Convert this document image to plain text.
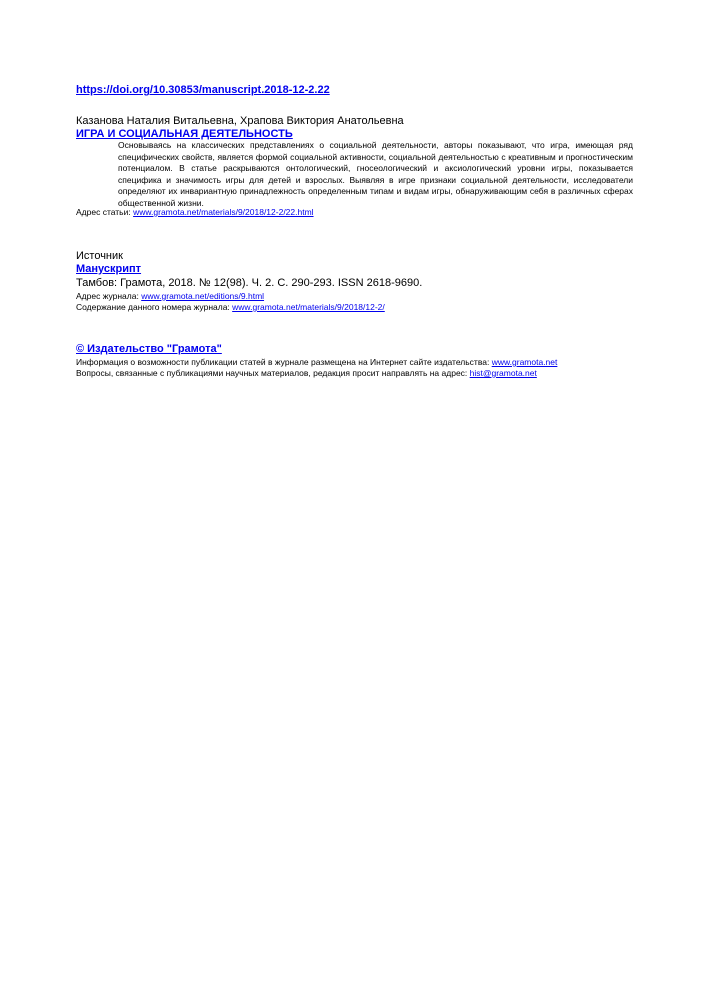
https://doi.org/10.30853/manuscript.2018-12-2.22
Казанова Наталия Витальевна, Храпова Виктория Анатольевна
ИГРА И СОЦИАЛЬНАЯ ДЕЯТЕЛЬНОСТЬ
Основываясь на классических представлениях о социальной деятельности, авторы показывают, что игра, имеющая ряд специфических свойств, является формой социальной активности, социальной деятельностью с креативным и прогностическим потенциалом. В статье раскрываются онтологический, гносеологический и аксиологический уровни игры, показывается специфика и значимость игры для детей и взрослых. Выявляя в игре признаки социальной деятельности, исследователи определяют их инвариантную принадлежность определенным типам и видам игры, обнаруживающим себя в различных сферах общественной жизни.
Адрес статьи: www.gramota.net/materials/9/2018/12-2/22.html
Источник
Манускрипт
Тамбов: Грамота, 2018. № 12(98). Ч. 2. C. 290-293. ISSN 2618-9690.
Адрес журнала: www.gramota.net/editions/9.html
Содержание данного номера журнала: www.gramota.net/materials/9/2018/12-2/
© Издательство "Грамота"
Информация о возможности публикации статей в журнале размещена на Интернет сайте издательства: www.gramota.net
Вопросы, связанные с публикациями научных материалов, редакция просит направлять на адрес: hist@gramota.net
